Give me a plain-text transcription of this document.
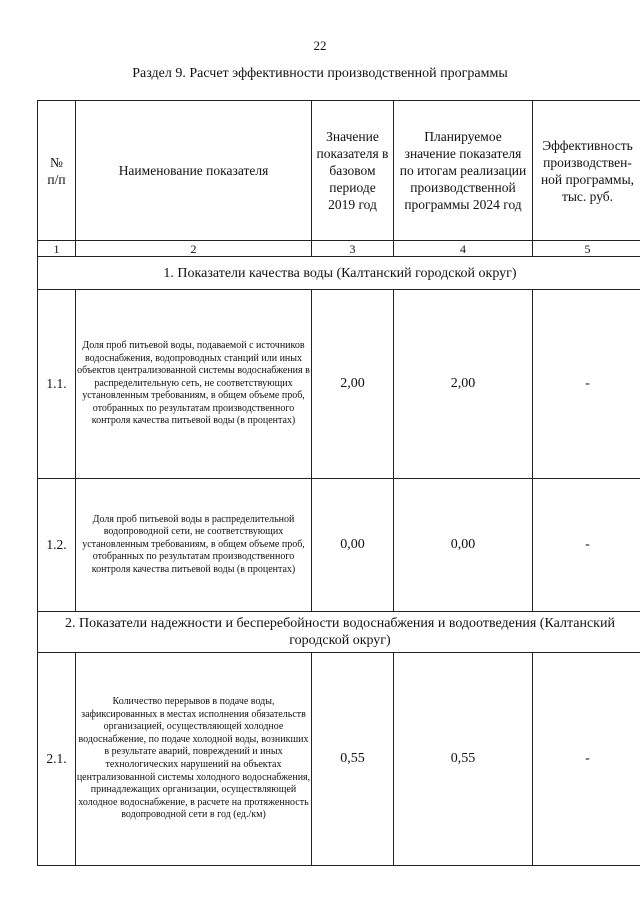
22
Раздел 9. Расчет эффективности производственной программы
№
п/п	Наименование показателя	Значение показателя в базовом периоде 2019 год	Планируемое значение показателя по итогам реализации производственной программы 2024 год	Эффективность производствен-ной программы, тыс. руб.
1	2	3	4	5
1. Показатели качества воды (Калтанский городской округ)				
1.1.	Доля проб питьевой воды, подаваемой с источников водоснабжения, водопроводных станций или иных объектов централизованной системы водоснабжения в распределительную сеть, не соответствующих установленным требованиям, в общем объеме проб, отобранных по результатам производственного контроля качества питьевой воды (в процентах)	2,00	2,00	-
1.2.	Доля проб питьевой воды в распределительной водопроводной сети, не соответствующих установленным требованиям, в общем объеме проб, отобранных по результатам производственного контроля качества питьевой воды (в процентах)	0,00	0,00	-
2. Показатели надежности и бесперебойности водоснабжения и водоотведения (Калтанский городской округ)				
2.1.	Количество перерывов в подаче воды, зафиксированных в местах исполнения обязательств организацией, осуществляющей холодное водоснабжение, по подаче холодной воды, возникших в результате аварий, повреждений и иных технологических нарушений на объектах централизованной системы холодного водоснабжения, принадлежащих организации, осуществляющей холодное водоснабжение, в расчете на протяженность водопроводной сети в год (ед./км)	0,55	0,55	-
